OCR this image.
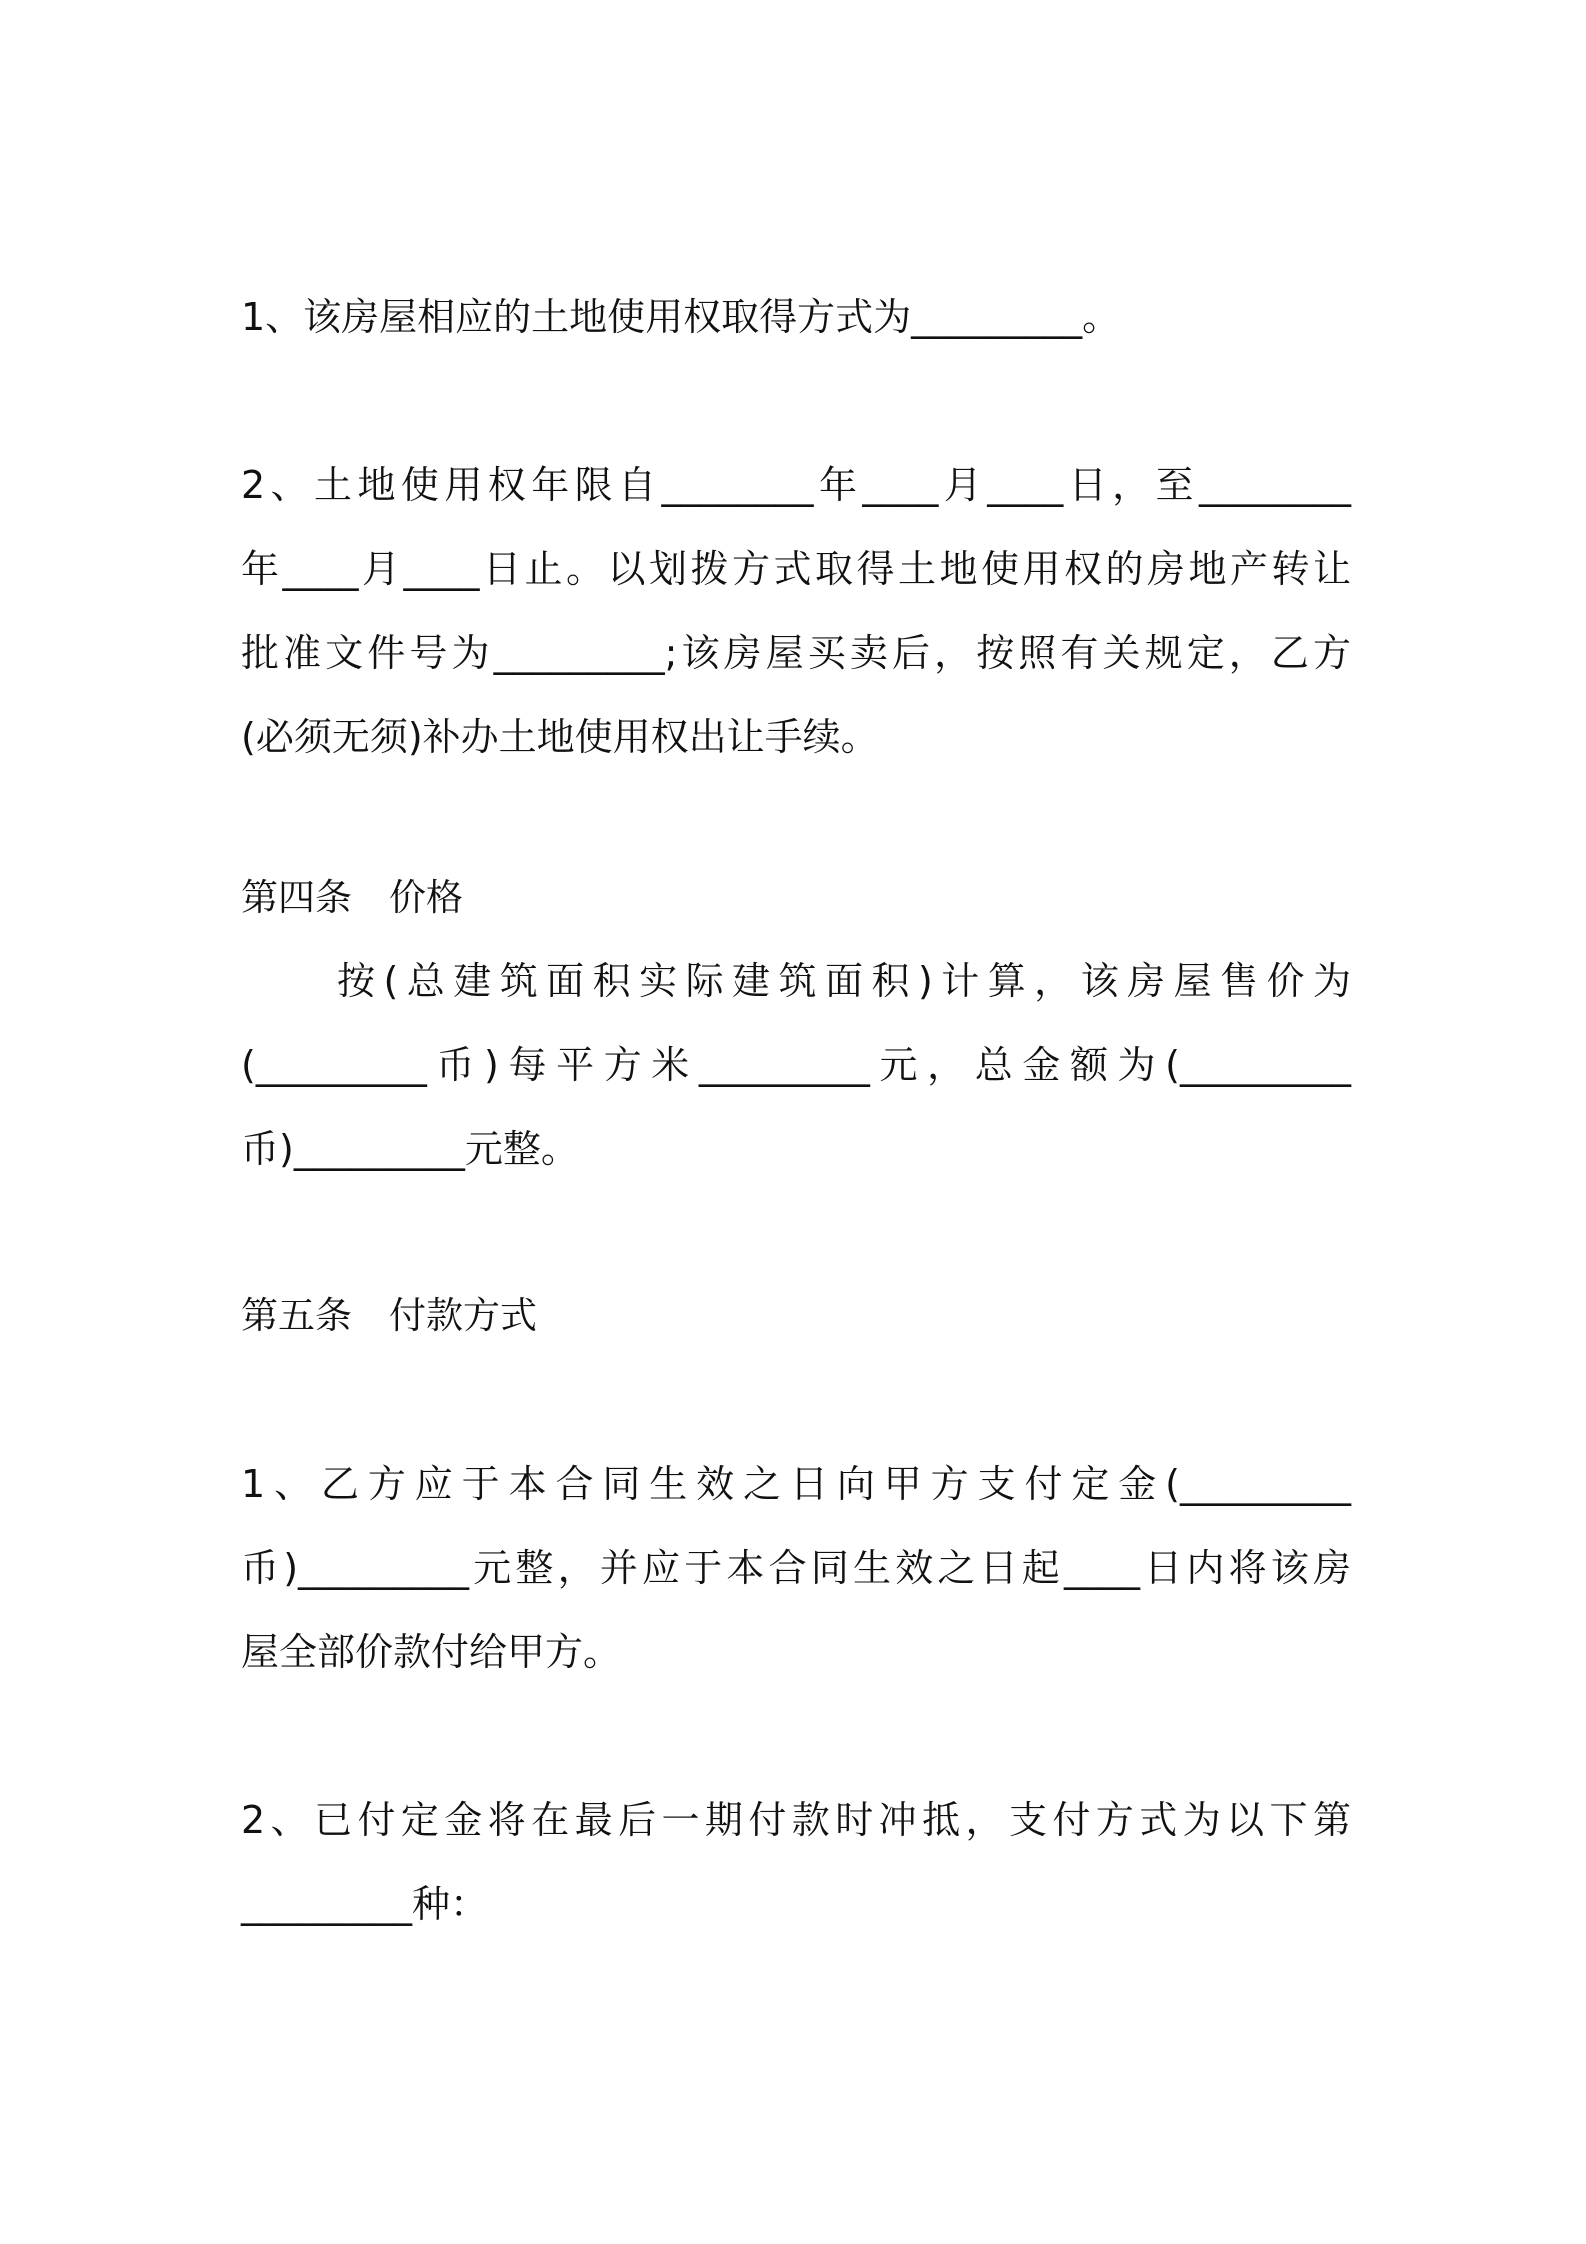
1、该房屋相应的土地使用权取得方式为_________。
2、土地使用权年限自________年____月____日，至________
年____月____日止。以划拨方式取得土地使用权的房地产转让
批准文件号为_________;该房屋买卖后，按照有关规定，乙方
(必须无须)补办土地使用权出让手续。
第四条　价格
按(总建筑面积实际建筑面积)计算，该房屋售价为
(_________币)每平方米_________元，总金额为(_________
币)_________元整。
第五条　付款方式
1、乙方应于本合同生效之日向甲方支付定金(_________
币)_________元整，并应于本合同生效之日起____日内将该房
屋全部价款付给甲方。
2、已付定金将在最后一期付款时冲抵，支付方式为以下第
_________种：
